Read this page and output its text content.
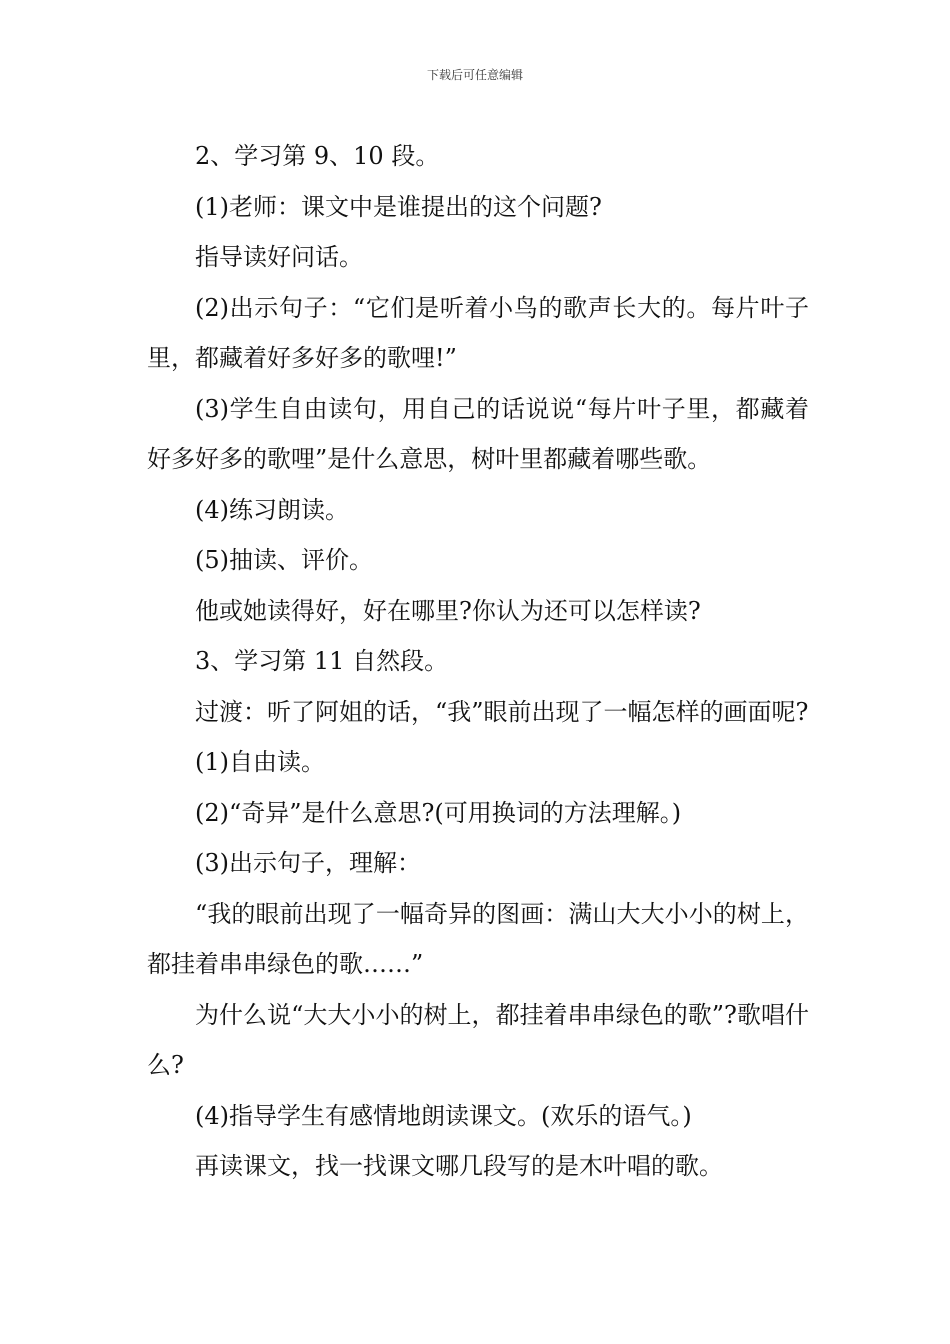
下载后可任意编辑

2、学习第 9、10 段。

(1)老师：课文中是谁提出的这个问题?

指导读好问话。

(2)出示句子：“它们是听着小鸟的歌声长大的。每片叶子里，都藏着好多好多的歌哩!”

(3)学生自由读句，用自己的话说说“每片叶子里，都藏着好多好多的歌哩”是什么意思，树叶里都藏着哪些歌。

(4)练习朗读。

(5)抽读、评价。

他或她读得好，好在哪里?你认为还可以怎样读?

3、学习第 11 自然段。

过渡：听了阿姐的话，“我”眼前出现了一幅怎样的画面呢?

(1)自由读。

(2)“奇异”是什么意思?(可用换词的方法理解。)

(3)出示句子，理解：

“我的眼前出现了一幅奇异的图画：满山大大小小的树上，都挂着串串绿色的歌……”

为什么说“大大小小的树上，都挂着串串绿色的歌”?歌唱什么?

(4)指导学生有感情地朗读课文。(欢乐的语气。)

再读课文，找一找课文哪几段写的是木叶唱的歌。
